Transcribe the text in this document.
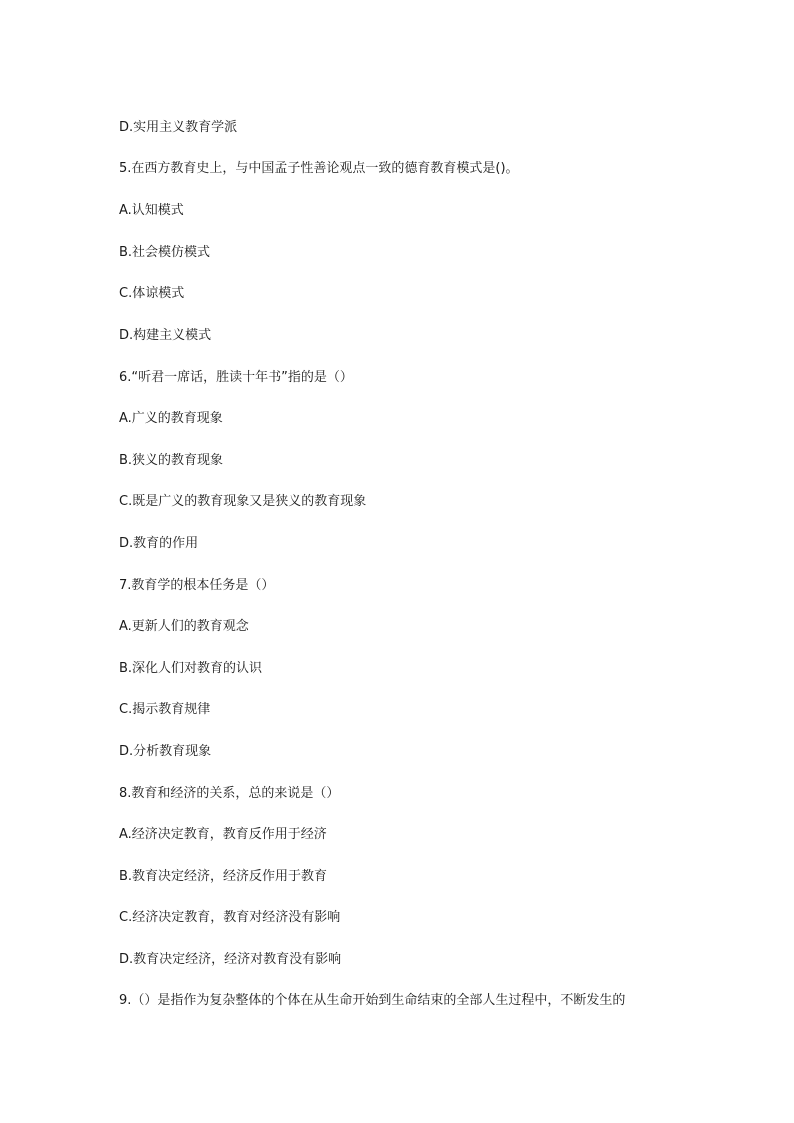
D.实用主义教育学派
5.在西方教育史上，与中国孟子性善论观点一致的德育教育模式是()。
A.认知模式
B.社会模仿模式
C.体谅模式
D.构建主义模式
6.“听君一席话，胜读十年书”指的是（）
A.广义的教育现象
B.狭义的教育现象
C.既是广义的教育现象又是狭义的教育现象
D.教育的作用
7.教育学的根本任务是（）
A.更新人们的教育观念
B.深化人们对教育的认识
C.揭示教育规律
D.分析教育现象
8.教育和经济的关系，总的来说是（）
A.经济决定教育，教育反作用于经济
B.教育决定经济，经济反作用于教育
C.经济决定教育，教育对经济没有影响
D.教育决定经济，经济对教育没有影响
9.（）是指作为复杂整体的个体在从生命开始到生命结束的全部人生过程中，不断发生的
